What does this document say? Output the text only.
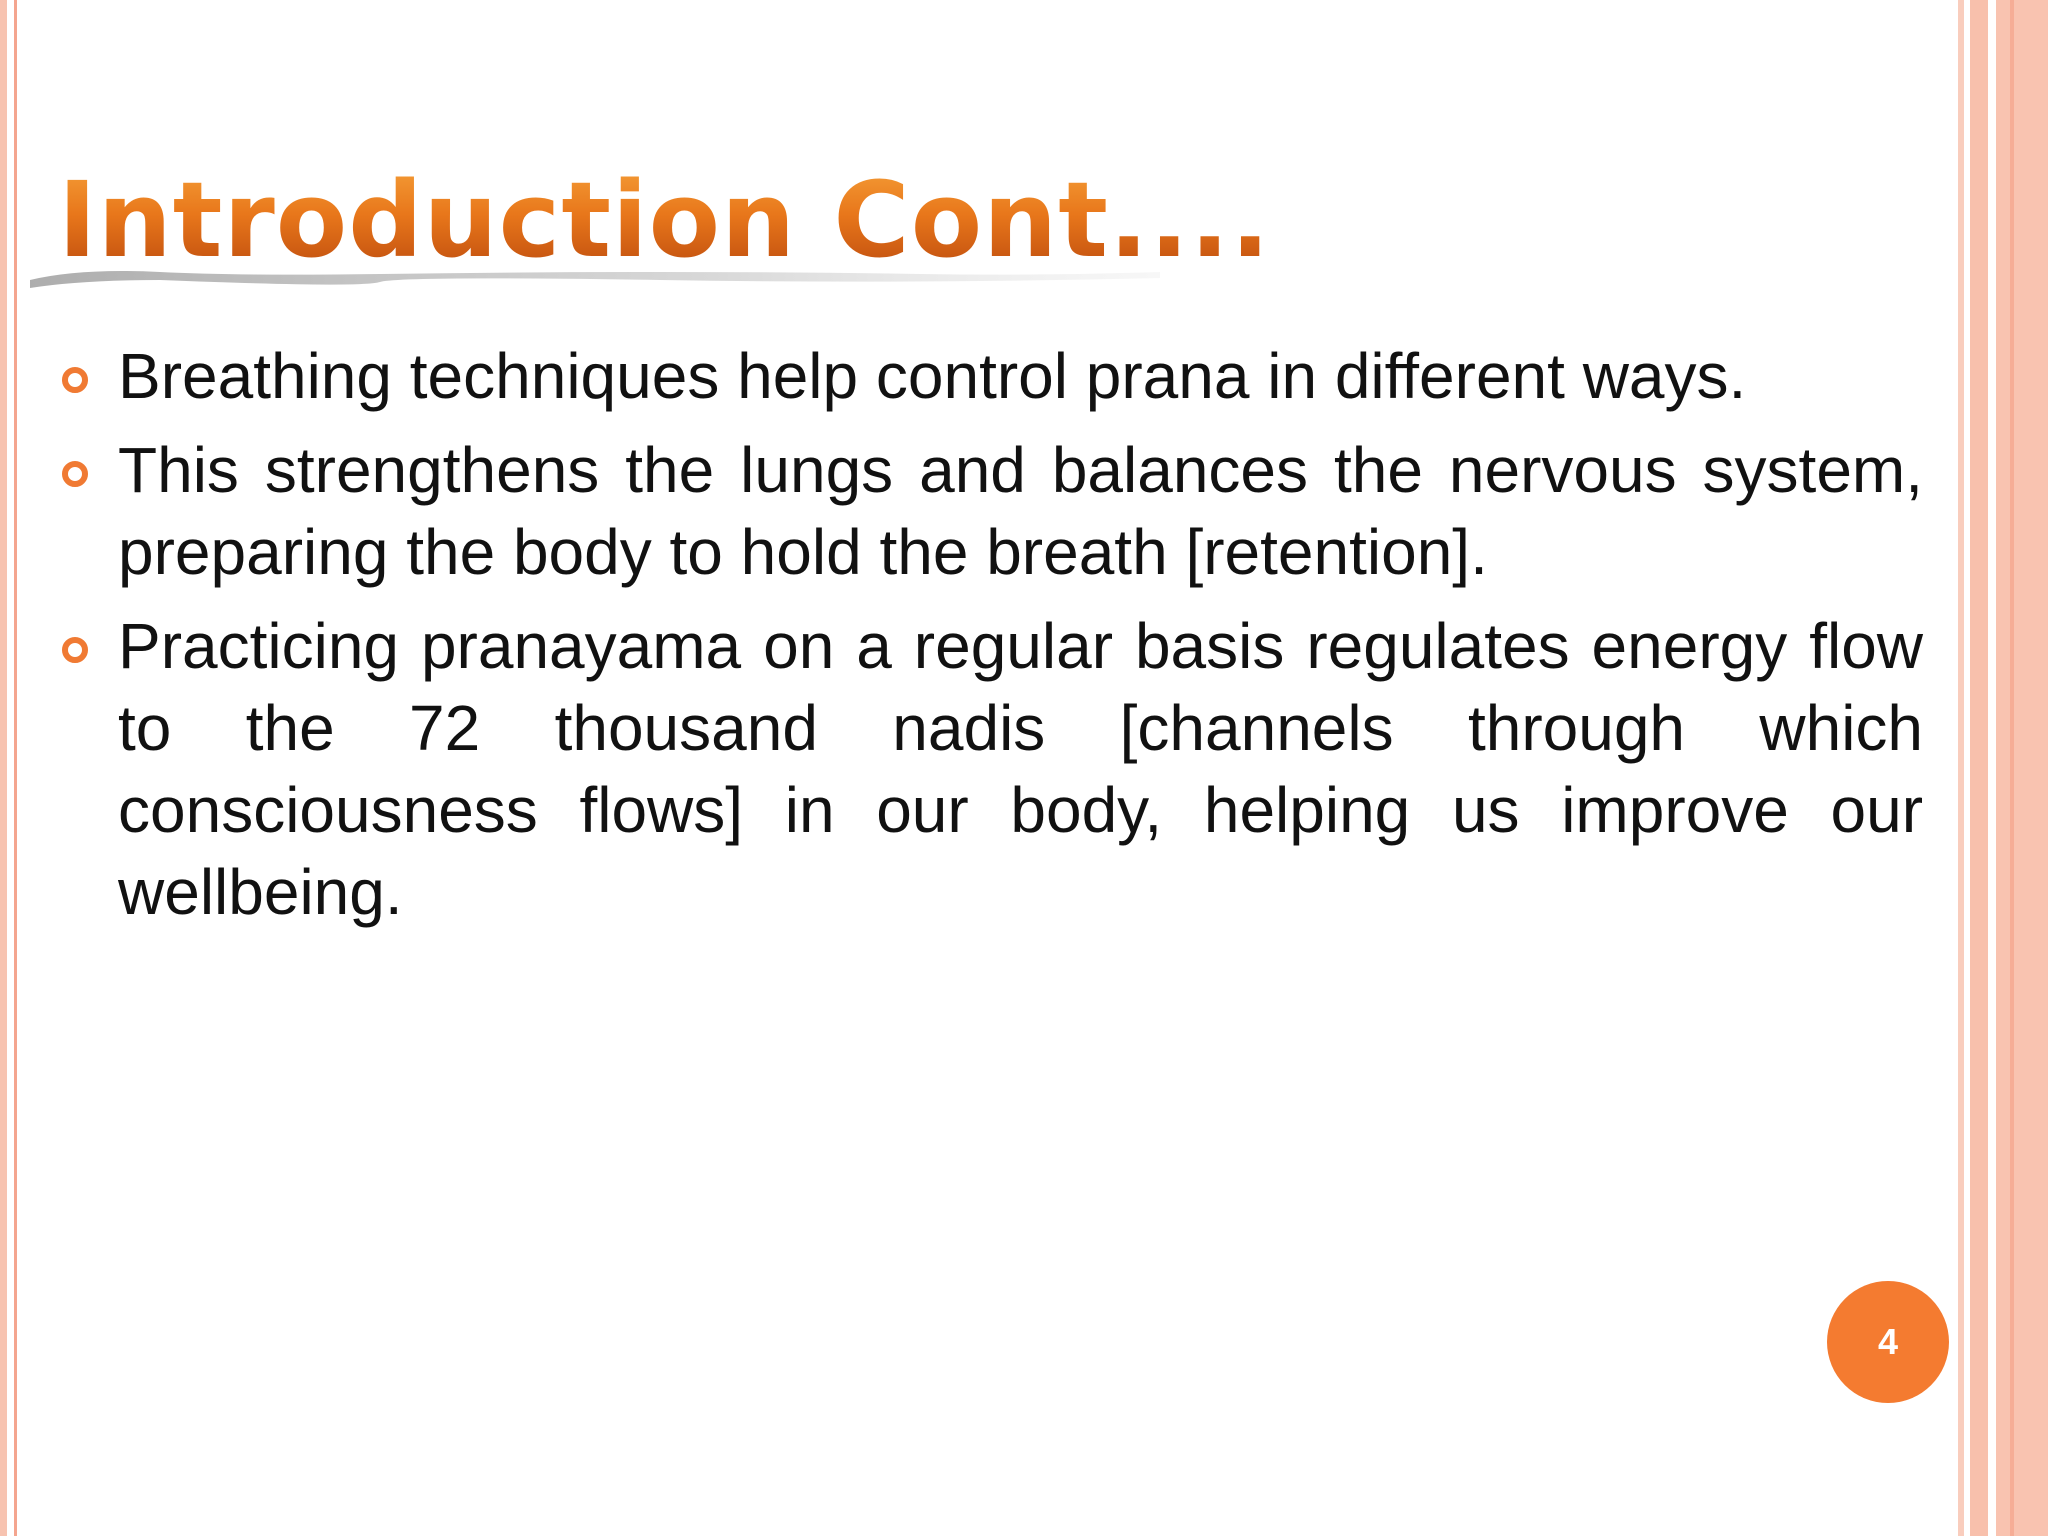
Introduction Cont....

Breathing techniques help control prana in different ways.

This strengthens the lungs and balances the nervous system, preparing the body to hold the breath [retention].

Practicing pranayama on a regular basis regulates energy flow to the 72 thousand nadis [channels through which consciousness flows] in our body, helping us improve our wellbeing.

4
